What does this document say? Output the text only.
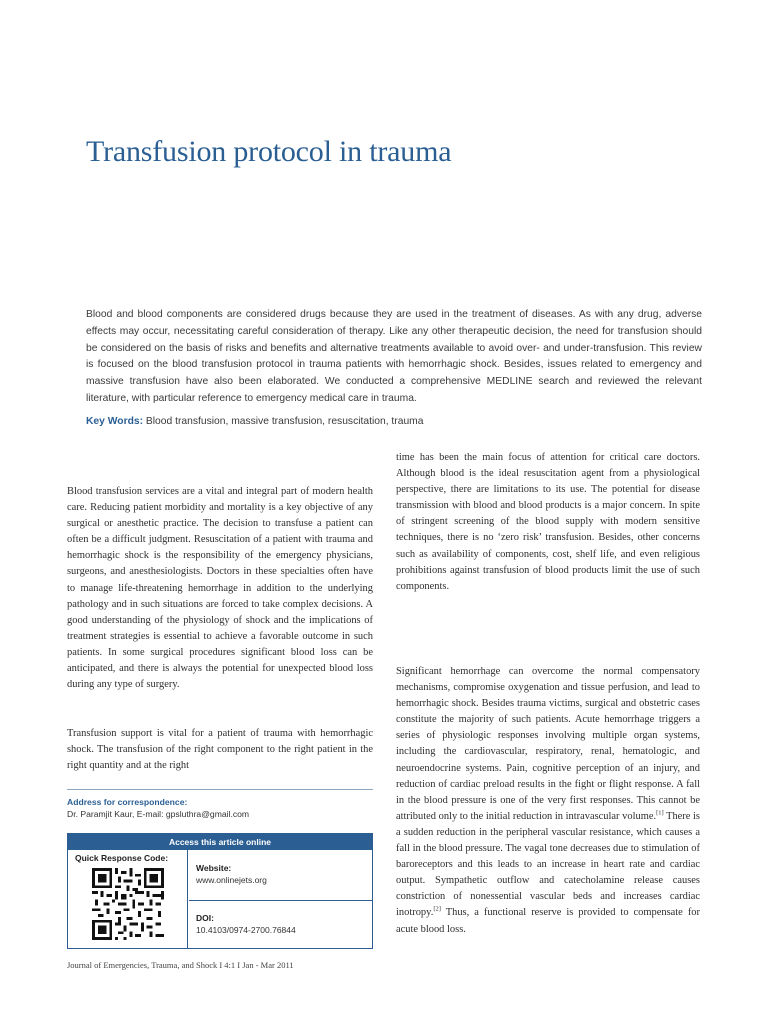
Transfusion protocol in trauma
Blood and blood components are considered drugs because they are used in the treatment of diseases. As with any drug, adverse effects may occur, necessitating careful consideration of therapy. Like any other therapeutic decision, the need for transfusion should be considered on the basis of risks and benefits and alternative treatments available to avoid over- and under-transfusion. This review is focused on the blood transfusion protocol in trauma patients with hemorrhagic shock. Besides, issues related to emergency and massive transfusion have also been elaborated. We conducted a comprehensive MEDLINE search and reviewed the relevant literature, with particular reference to emergency medical care in trauma.
Key Words: Blood transfusion, massive transfusion, resuscitation, trauma

Blood transfusion services are a vital and integral part of modern health care. Reducing patient morbidity and mortality is a key objective of any surgical or anesthetic practice. The decision to transfuse a patient can often be a difficult judgment. Resuscitation of a patient with trauma and hemorrhagic shock is the responsibility of the emergency physicians, surgeons, and anesthesiologists. Doctors in these specialties often have to manage life-threatening hemorrhage in addition to the underlying pathology and in such situations are forced to take complex decisions. A good understanding of the physiology of shock and the implications of treatment strategies is essential to achieve a favorable outcome in such patients. In some surgical procedures significant blood loss can be anticipated, and there is always the potential for unexpected blood loss during any type of surgery.

Transfusion support is vital for a patient of trauma with hemorrhagic shock. The transfusion of the right component to the right patient in the right quantity and at the right

time has been the main focus of attention for critical care doctors. Although blood is the ideal resuscitation agent from a physiological perspective, there are limitations to its use. The potential for disease transmission with blood and blood products is a major concern. In spite of stringent screening of the blood supply with modern sensitive techniques, there is no ‘zero risk’ transfusion. Besides, other concerns such as availability of components, cost, shelf life, and even religious prohibitions against transfusion of blood products limit the use of such components.

Significant hemorrhage can overcome the normal compensatory mechanisms, compromise oxygenation and tissue perfusion, and lead to hemorrhagic shock. Besides trauma victims, surgical and obstetric cases constitute the majority of such patients. Acute hemorrhage triggers a series of physiologic responses involving multiple organ systems, including the cardiovascular, respiratory, renal, hematologic, and neuroendocrine systems. Pain, cognitive perception of an injury, and reduction of cardiac preload results in the fight or flight response. A fall in the blood pressure is one of the very first responses. This cannot be attributed only to the initial reduction in intravascular volume.[1] There is a sudden reduction in the peripheral vascular resistance, which causes a fall in the blood pressure. The vagal tone decreases due to stimulation of baroreceptors and this leads to an increase in heart rate and cardiac output. Sympathetic outflow and catecholamine release causes constriction of nonessential vascular beds and increases cardiac inotropy.[2] Thus, a functional reserve is provided to compensate for acute blood loss.

Address for correspondence:
Dr. Paramjit Kaur, E-mail: gpsluthra@gmail.com
Access this article online
Quick Response Code:
Website:
www.onlinejets.org
DOI:
10.4103/0974-2700.76844
Journal of Emergencies, Trauma, and Shock I 4:1 I Jan - Mar 2011
